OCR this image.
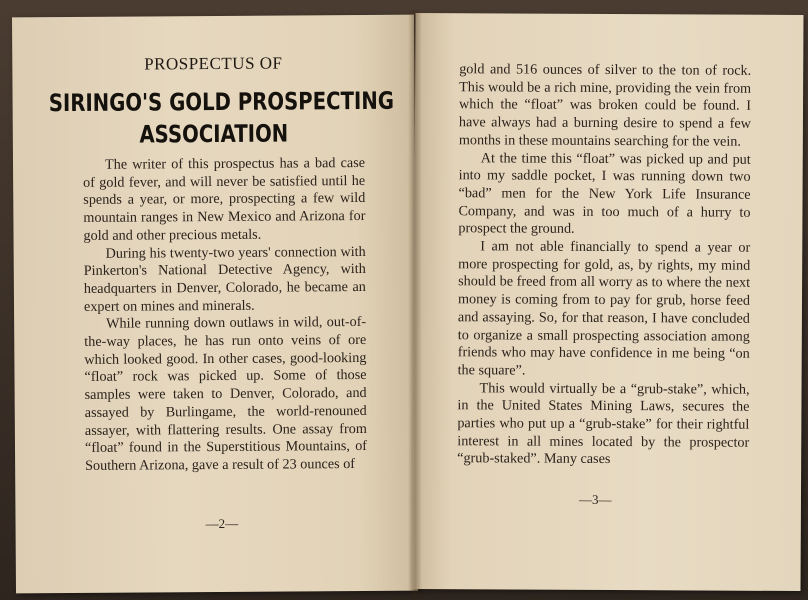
PROSPECTUS OF
SIRINGO'S GOLD PROSPECTING
ASSOCIATION

The writer of this prospectus has a bad case of gold fever, and will never be satisfied until he spends a year, or more, prospecting a few wild mountain ranges in New Mexico and Arizona for gold and other precious metals.

During his twenty-two years' connection with Pinkerton's National Detective Agency, with headquarters in Denver, Colorado, he became an expert on mines and minerals.

While running down outlaws in wild, out-of-the-way places, he has run onto veins of ore which looked good. In other cases, good-looking “float” rock was picked up. Some of those samples were taken to Denver, Colorado, and assayed by Burlingame, the world-renouned assayer, with flattering results. One assay from “float” found in the Superstitious Mountains, of Southern Arizona, gave a result of 23 ounces of

—2—

gold and 516 ounces of silver to the ton of rock. This would be a rich mine, providing the vein from which the “float” was broken could be found. I have always had a burning desire to spend a few months in these mountains searching for the vein.

At the time this “float” was picked up and put into my saddle pocket, I was running down two “bad” men for the New York Life Insurance Company, and was in too much of a hurry to prospect the ground.

I am not able financially to spend a year or more prospecting for gold, as, by rights, my mind should be freed from all worry as to where the next money is coming from to pay for grub, horse feed and assaying. So, for that reason, I have concluded to organize a small prospecting association among friends who may have confidence in me being “on the square”.

This would virtually be a “grub-stake”, which, in the United States Mining Laws, secures the parties who put up a “grub-stake” for their rightful interest in all mines located by the prospector “grub-staked”. Many cases

—3—
